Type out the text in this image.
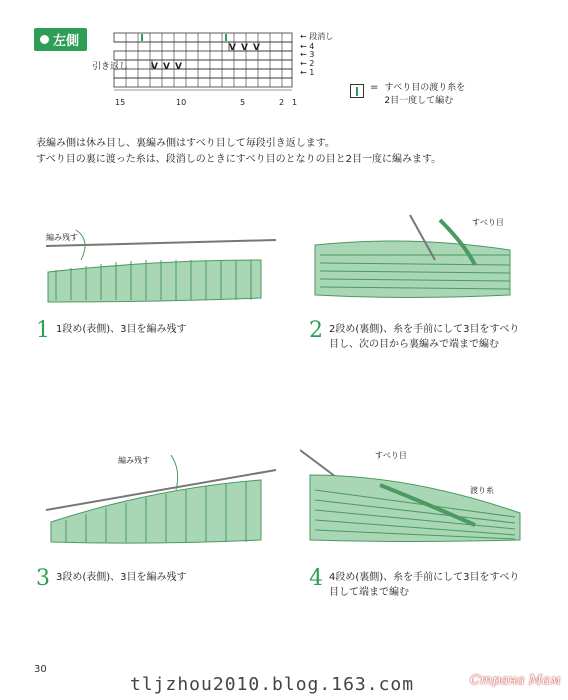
左側
引き返し
15	10	5	2 1
← 段消し
← 4
← 3
← 2
← 1
V V V
V V V
= すべり目の渡り糸を
2目一度して編む
表編み側は休み目し、裏編み側はすべり目して毎段引き返します。
すべり目の裏に渡った糸は、段消しのときにすべり目のとなりの目と2目一度に編みます。
編み残す
すべり目
1 1段め(表側)、3目を編み残す	2 2段め(裏側)、糸を手前にして3目をすべり
目し、次の目から裏編みで端まで編む
編み残す
すべり目
渡り糸
3 3段め(表側)、3目を編み残す	4 4段め(裏側)、糸を手前にして3目をすべり
目して端まで編む
30
tljzhou2010.blog.163.com	Страна Мам
